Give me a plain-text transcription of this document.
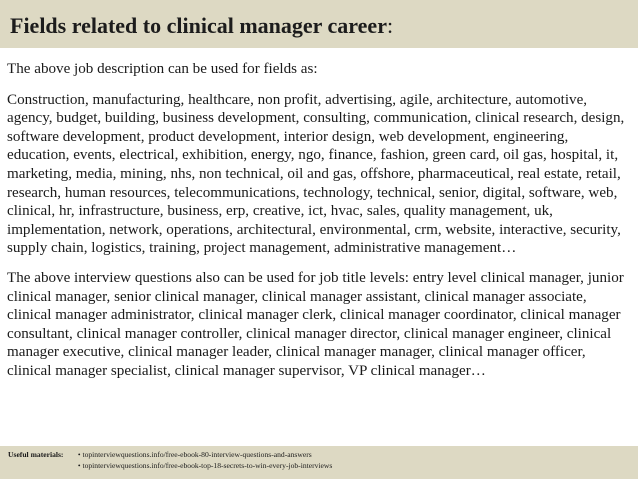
Fields related to clinical manager career:

The above job description can be used for fields as:

Construction, manufacturing, healthcare, non profit, advertising, agile, architecture, automotive, agency, budget, building, business development, consulting, communication, clinical research, design, software development, product development, interior design, web development, engineering, education, events, electrical, exhibition, energy, ngo, finance, fashion, green card, oil gas, hospital, it, marketing, media, mining, nhs, non technical, oil and gas, offshore, pharmaceutical, real estate, retail, research, human resources, telecommunications, technology, technical, senior, digital, software, web, clinical, hr, infrastructure, business, erp, creative, ict, hvac, sales, quality management, uk, implementation, network, operations, architectural, environmental, crm, website, interactive, security, supply chain, logistics, training, project management, administrative management…

The above interview questions also can be used for job title levels: entry level clinical manager, junior clinical manager, senior clinical manager, clinical manager assistant, clinical manager associate, clinical manager administrator, clinical manager clerk, clinical manager coordinator, clinical manager consultant, clinical manager controller, clinical manager director, clinical manager engineer, clinical manager executive, clinical manager leader, clinical manager manager, clinical manager officer, clinical manager specialist, clinical manager supervisor, VP clinical manager…

Useful materials: • topinterviewquestions.info/free-ebook-80-interview-questions-and-answers
• topinterviewquestions.info/free-ebook-top-18-secrets-to-win-every-job-interviews
